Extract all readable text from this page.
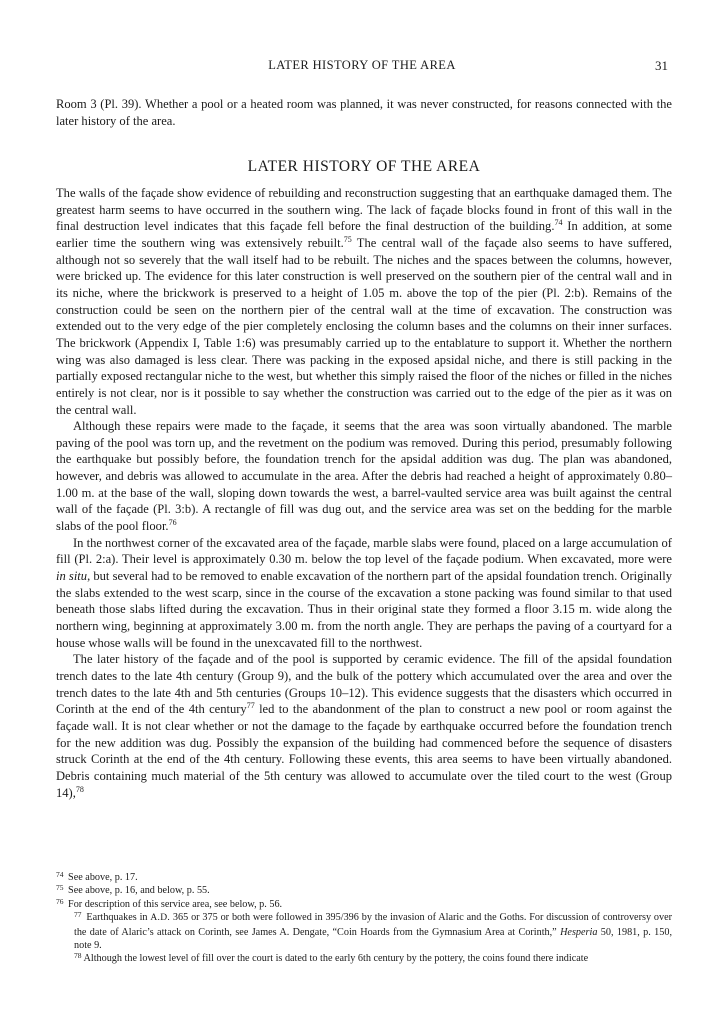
LATER HISTORY OF THE AREA	31

Room 3 (Pl. 39). Whether a pool or a heated room was planned, it was never constructed, for reasons connected with the later history of the area.

LATER HISTORY OF THE AREA

The walls of the façade show evidence of rebuilding and reconstruction suggesting that an earthquake damaged them. The greatest harm seems to have occurred in the southern wing. The lack of façade blocks found in front of this wall in the final destruction level indicates that this façade fell before the final destruction of the building.$^{74}$ In addition, at some earlier time the southern wing was extensively rebuilt.$^{75}$ The central wall of the façade also seems to have suffered, although not so severely that the wall itself had to be rebuilt. The niches and the spaces between the columns, however, were bricked up. The evidence for this later construction is well preserved on the southern pier of the central wall and in its niche, where the brickwork is preserved to a height of 1.05 m. above the top of the pier (Pl. 2:b). Remains of the construction could be seen on the northern pier of the central wall at the time of excavation. The construction was extended out to the very edge of the pier completely enclosing the column bases and the columns on their inner surfaces. The brickwork (Appendix I, Table 1:6) was presumably carried up to the entablature to support it. Whether the northern wing was also damaged is less clear. There was packing in the exposed apsidal niche, and there is still packing in the partially exposed rectangular niche to the west, but whether this simply raised the floor of the niches or filled in the niches entirely is not clear, nor is it possible to say whether the construction was carried out to the edge of the pier as it was on the central wall.

Although these repairs were made to the façade, it seems that the area was soon virtually abandoned. The marble paving of the pool was torn up, and the revetment on the podium was removed. During this period, presumably following the earthquake but possibly before, the foundation trench for the apsidal addition was dug. The plan was abandoned, however, and debris was allowed to accumulate in the area. After the debris had reached a height of approximately 0.80–1.00 m. at the base of the wall, sloping down towards the west, a barrel-vaulted service area was built against the central wall of the façade (Pl. 3:b). A rectangle of fill was dug out, and the service area was set on the bedding for the marble slabs of the pool floor.$^{76}$

In the northwest corner of the excavated area of the façade, marble slabs were found, placed on a large accumulation of fill (Pl. 2:a). Their level is approximately 0.30 m. below the top level of the façade podium. When excavated, more were in situ, but several had to be removed to enable excavation of the northern part of the apsidal foundation trench. Originally the slabs extended to the west scarp, since in the course of the excavation a stone packing was found similar to that used beneath those slabs lifted during the excavation. Thus in their original state they formed a floor 3.15 m. wide along the northern wing, beginning at approximately 3.00 m. from the north angle. They are perhaps the paving of a courtyard for a house whose walls will be found in the unexcavated fill to the northwest.

The later history of the façade and of the pool is supported by ceramic evidence. The fill of the apsidal foundation trench dates to the late 4th century (Group 9), and the bulk of the pottery which accumulated over the area and over the trench dates to the late 4th and 5th centuries (Groups 10–12). This evidence suggests that the disasters which occurred in Corinth at the end of the 4th century$^{77}$ led to the abandonment of the plan to construct a new pool or room against the façade wall. It is not clear whether or not the damage to the façade by earthquake occurred before the foundation trench for the new addition was dug. Possibly the expansion of the building had commenced before the sequence of disasters struck Corinth at the end of the 4th century. Following these events, this area seems to have been virtually abandoned. Debris containing much material of the 5th century was allowed to accumulate over the tiled court to the west (Group 14),$^{78}$

$^{74}$ See above, p. 17.

$^{75}$ See above, p. 16, and below, p. 55.

$^{76}$ For description of this service area, see below, p. 56.

$^{77}$ Earthquakes in A.D. 365 or 375 or both were followed in 395/396 by the invasion of Alaric and the Goths. For discussion of controversy over the date of Alaric’s attack on Corinth, see James A. Dengate, “Coin Hoards from the Gymnasium Area at Corinth,” Hesperia 50, 1981, p. 150, note 9.

$^{78}$ Although the lowest level of fill over the court is dated to the early 6th century by the pottery, the coins found there indicate
